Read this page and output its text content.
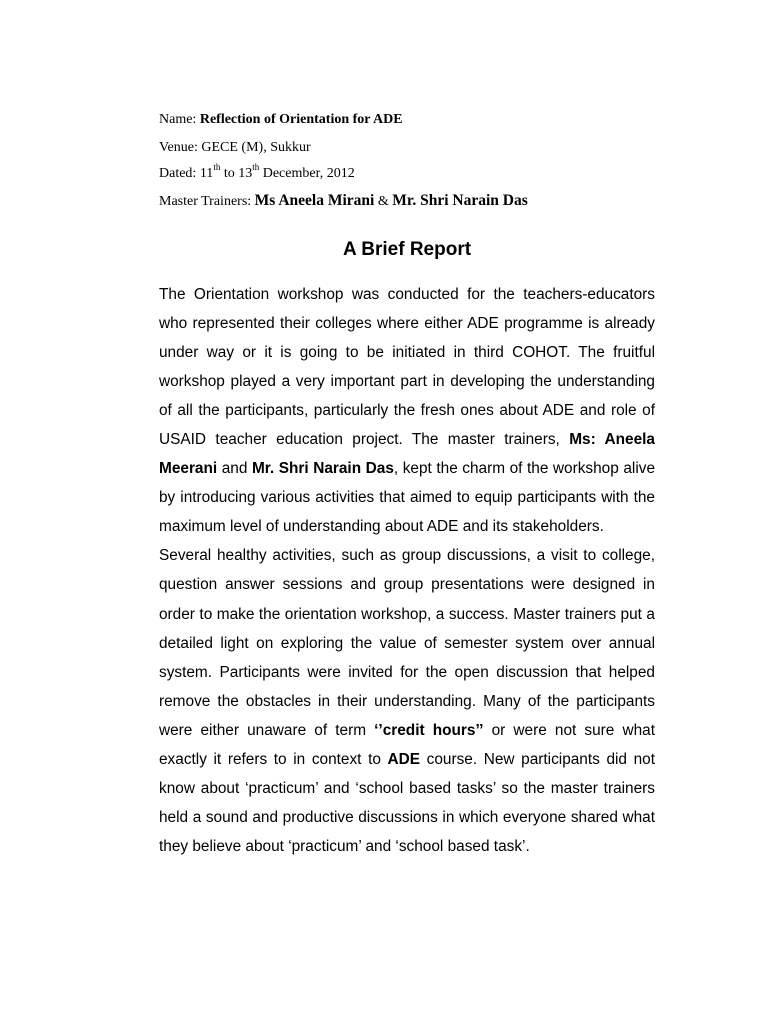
Name: Reflection of Orientation for ADE
Venue: GECE (M), Sukkur
Dated: 11th to 13th December, 2012
Master Trainers: Ms Aneela Mirani & Mr. Shri Narain Das
A Brief Report

The Orientation workshop was conducted for the teachers-educators who represented their colleges where either ADE programme is already under way or it is going to be initiated in third COHOT. The fruitful workshop played a very important part in developing the understanding of all the participants, particularly the fresh ones about ADE and role of USAID teacher education project. The master trainers, Ms: Aneela Meerani and Mr. Shri Narain Das, kept the charm of the workshop alive by introducing various activities that aimed to equip participants with the maximum level of understanding about ADE and its stakeholders.

Several healthy activities, such as group discussions, a visit to college, question answer sessions and group presentations were designed in order to make the orientation workshop, a success. Master trainers put a detailed light on exploring the value of semester system over annual system. Participants were invited for the open discussion that helped remove the obstacles in their understanding. Many of the participants were either unaware of term ‘’credit hours’’ or were not sure what exactly it refers to in context to ADE course. New participants did not know about ‘practicum’ and ‘school based tasks’ so the master trainers held a sound and productive discussions in which everyone shared what they believe about ‘practicum’ and ‘school based task’.
